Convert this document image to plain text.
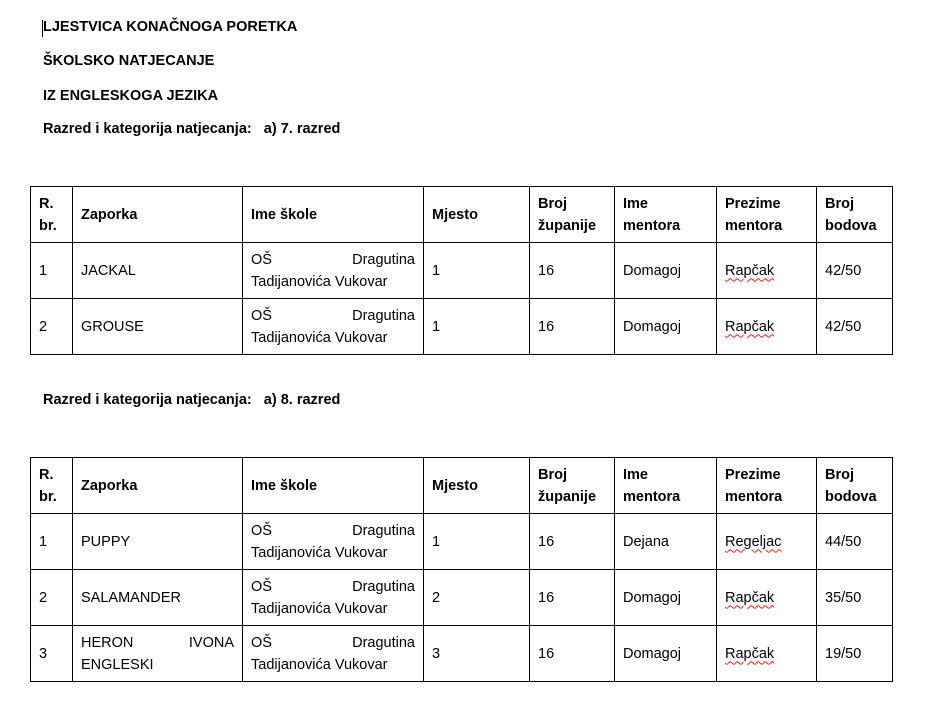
LJESTVICA KONAČNOGA PORETKA
ŠKOLSKO NATJECANJE
IZ ENGLESKOGA JEZIKA
Razred i kategorija natjecanja:   a) 7. razred
R. br.	Zaporka	Ime škole	Mjesto	Broj županije	Ime mentora	Prezime mentora	Broj bodova
1	JACKAL	OŠ Dragutina
Tadijanovića Vukovar	1	16	Domagoj	Rapčak	42/50
2	GROUSE	OŠ Dragutina
Tadijanovića Vukovar	1	16	Domagoj	Rapčak	42/50
Razred i kategorija natjecanja:   a) 8. razred
R. br.	Zaporka	Ime škole	Mjesto	Broj županije	Ime mentora	Prezime mentora	Broj bodova
1	PUPPY	OŠ Dragutina
Tadijanovića Vukovar	1	16	Dejana	Regeljac	44/50
2	SALAMANDER	OŠ Dragutina
Tadijanovića Vukovar	2	16	Domagoj	Rapčak	35/50
3	HERON IVONA
ENGLESKI	OŠ Dragutina
Tadijanovića Vukovar	3	16	Domagoj	Rapčak	19/50
